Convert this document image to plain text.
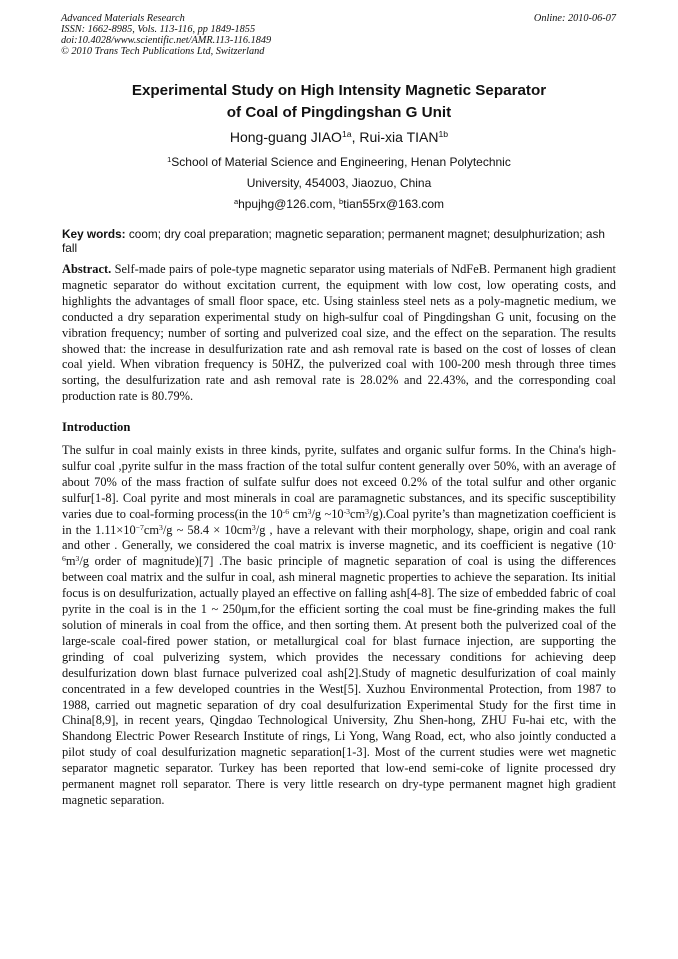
Advanced Materials Research
ISSN: 1662-8985, Vols. 113-116, pp 1849-1855
doi:10.4028/www.scientific.net/AMR.113-116.1849
© 2010 Trans Tech Publications Ltd, Switzerland
Online: 2010-06-07
Experimental Study on High Intensity Magnetic Separator
of Coal of Pingdingshan G Unit
Hong-guang $JIAO^{1a}$, Rui-xia $TIAN^{1b}$
$^1$School of Material Science and Engineering, Henan Polytechnic
University, 454003, Jiaozuo, China
$^a$hpujhg@126.com, $^b$tian55rx@163.com
Key words: coom; dry coal preparation; magnetic separation; permanent magnet; desulphurization; ash fall
Abstract. Self-made pairs of pole-type magnetic separator using materials of NdFeB. Permanent high gradient magnetic separator do without excitation current, the equipment with low cost, low operating costs, and highlights the advantages of small floor space, etc. Using stainless steel nets as a poly-magnetic medium, we conducted a dry separation experimental study on high-sulfur coal of Pingdingshan G unit, focusing on the vibration frequency; number of sorting and pulverized coal size, and the effect on the separation. The results showed that: the increase in desulfurization rate and ash removal rate is based on the cost of losses of clean coal yield. When vibration frequency is 50HZ, the pulverized coal with 100-200 mesh through three times sorting, the desulfurization rate and ash removal rate is 28.02% and 22.43%, and the corresponding coal production rate is 80.79%.
Introduction
The sulfur in coal mainly exists in three kinds, pyrite, sulfates and organic sulfur forms. In the China's high-sulfur coal ,pyrite sulfur in the mass fraction of the total sulfur content generally over 50%, with an average of about 70% of the mass fraction of sulfate sulfur does not exceed 0.2% of the total sulfur and other organic sulfur[1-8]. Coal pyrite and most minerals in coal are paramagnetic substances, and its specific susceptibility varies due to coal-forming process(in the $10^{-6}$ $cm^3/g$ $\sim 10^{-3}cm^3/g).Coal$ pyrite’s than magnetization coefficient is in the $1.11\times 10^{-7}cm^3/g$ ~ $58.4 \times 10cm^3/g$ , have a relevant with their morphology, shape, origin and coal rank and other . Generally, we considered the coal matrix is inverse magnetic, and its coefficient is negative ($10^{-6}m^3/g$ order of magnitude)[7] .The basic principle of magnetic separation of coal is using the differences between coal matrix and the sulfur in coal, ash mineral magnetic properties to achieve the separation. Its initial focus is on desulfurization, actually played an effective on falling ash[4-8]. The size of embedded fabric of coal pyrite in the coal is in the 1 ~ 250μm,for the efficient sorting the coal must be fine-grinding makes the full solution of minerals in coal from the office, and then sorting them. At present both the pulverized coal of the large-scale coal-fired power station, or metallurgical coal for blast furnace injection, are supporting the grinding of coal pulverizing system, which provides the necessary conditions for achieving deep desulfurization down blast furnace pulverized coal ash[2].Study of magnetic desulfurization of coal mainly concentrated in a few developed countries in the West[5]. Xuzhou Environmental Protection, from 1987 to 1988, carried out magnetic separation of dry coal desulfurization Experimental Study for the first time in China[8,9], in recent years, Qingdao Technological University, Zhu Shen-hong, ZHU Fu-hai etc, with the Shandong Electric Power Research Institute of rings, Li Yong, Wang Road, ect, who also jointly conducted a pilot study of coal desulfurization magnetic separation[1-3]. Most of the current studies were wet magnetic separator magnetic separator. Turkey has been reported that low-end semi-coke of lignite processed dry permanent magnet roll separator. There is very little research on dry-type permanent magnet high gradient magnetic separation.
